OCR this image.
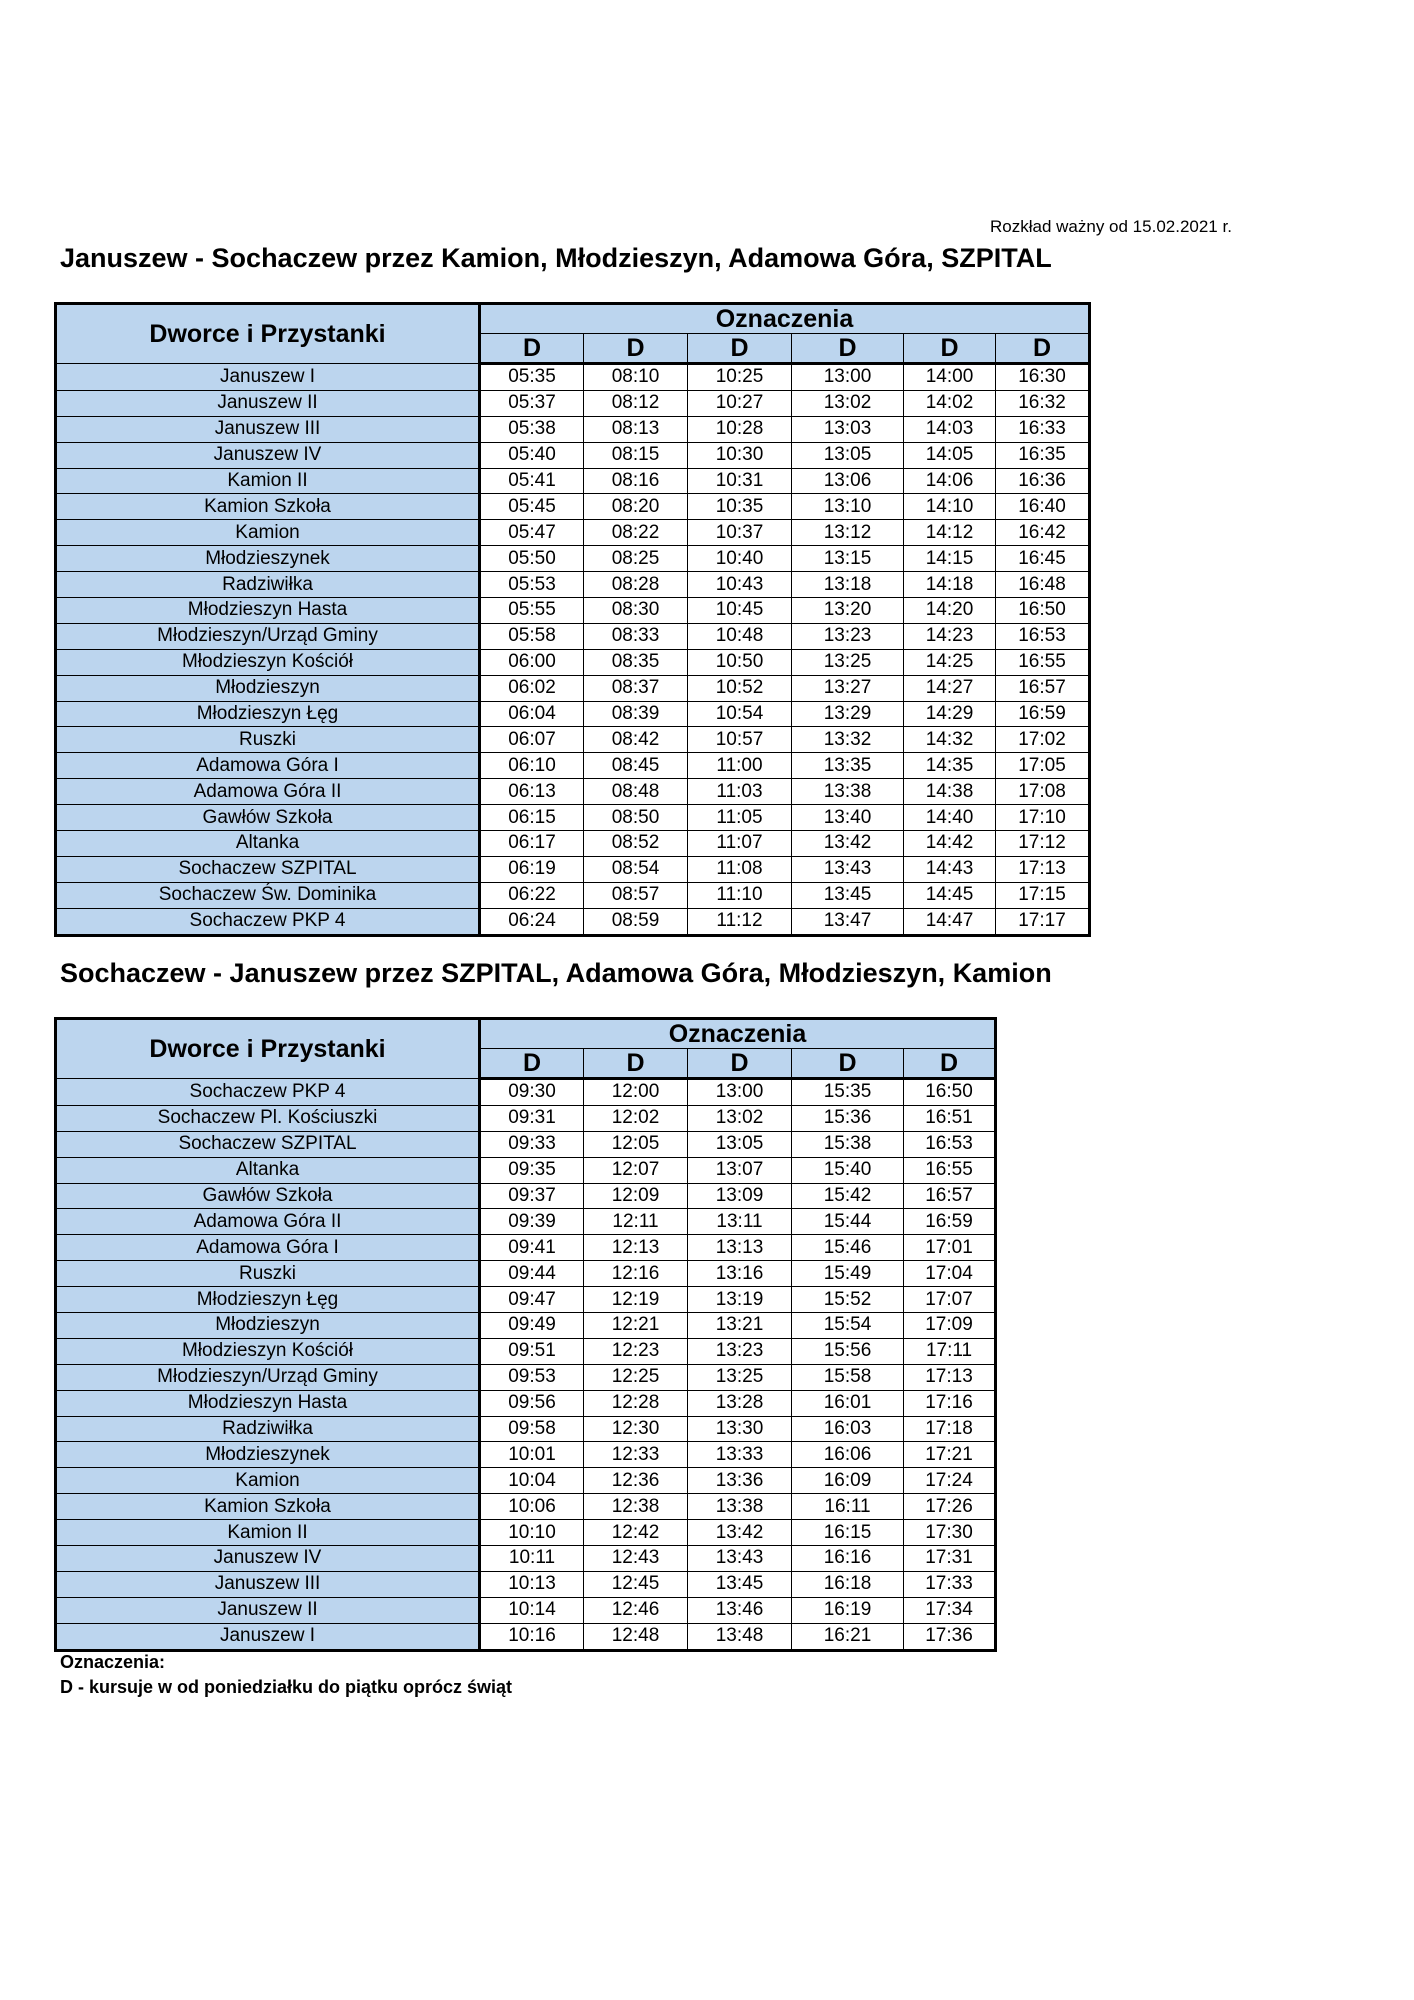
Rozkład ważny od 15.02.2021 r.
Januszew - Sochaczew przez Kamion, Młodzieszyn, Adamowa Góra, SZPITAL
Dworce i Przystanki	Oznaczenia					
	D	D	D	D	D	D
Januszew I	05:35	08:10	10:25	13:00	14:00	16:30
Januszew II	05:37	08:12	10:27	13:02	14:02	16:32
Januszew III	05:38	08:13	10:28	13:03	14:03	16:33
Januszew IV	05:40	08:15	10:30	13:05	14:05	16:35
Kamion II	05:41	08:16	10:31	13:06	14:06	16:36
Kamion Szkoła	05:45	08:20	10:35	13:10	14:10	16:40
Kamion	05:47	08:22	10:37	13:12	14:12	16:42
Młodzieszynek	05:50	08:25	10:40	13:15	14:15	16:45
Radziwiłka	05:53	08:28	10:43	13:18	14:18	16:48
Młodzieszyn Hasta	05:55	08:30	10:45	13:20	14:20	16:50
Młodzieszyn/Urząd Gminy	05:58	08:33	10:48	13:23	14:23	16:53
Młodzieszyn Kościół	06:00	08:35	10:50	13:25	14:25	16:55
Młodzieszyn	06:02	08:37	10:52	13:27	14:27	16:57
Młodzieszyn Łęg	06:04	08:39	10:54	13:29	14:29	16:59
Ruszki	06:07	08:42	10:57	13:32	14:32	17:02
Adamowa Góra I	06:10	08:45	11:00	13:35	14:35	17:05
Adamowa Góra II	06:13	08:48	11:03	13:38	14:38	17:08
Gawłów Szkoła	06:15	08:50	11:05	13:40	14:40	17:10
Altanka	06:17	08:52	11:07	13:42	14:42	17:12
Sochaczew SZPITAL	06:19	08:54	11:08	13:43	14:43	17:13
Sochaczew Św. Dominika	06:22	08:57	11:10	13:45	14:45	17:15
Sochaczew PKP 4	06:24	08:59	11:12	13:47	14:47	17:17
Sochaczew - Januszew przez SZPITAL, Adamowa Góra, Młodzieszyn, Kamion
Dworce i Przystanki	Oznaczenia				
	D	D	D	D	D
Sochaczew PKP 4	09:30	12:00	13:00	15:35	16:50
Sochaczew Pl. Kościuszki	09:31	12:02	13:02	15:36	16:51
Sochaczew SZPITAL	09:33	12:05	13:05	15:38	16:53
Altanka	09:35	12:07	13:07	15:40	16:55
Gawłów Szkoła	09:37	12:09	13:09	15:42	16:57
Adamowa Góra II	09:39	12:11	13:11	15:44	16:59
Adamowa Góra I	09:41	12:13	13:13	15:46	17:01
Ruszki	09:44	12:16	13:16	15:49	17:04
Młodzieszyn Łęg	09:47	12:19	13:19	15:52	17:07
Młodzieszyn	09:49	12:21	13:21	15:54	17:09
Młodzieszyn Kościół	09:51	12:23	13:23	15:56	17:11
Młodzieszyn/Urząd Gminy	09:53	12:25	13:25	15:58	17:13
Młodzieszyn Hasta	09:56	12:28	13:28	16:01	17:16
Radziwiłka	09:58	12:30	13:30	16:03	17:18
Młodzieszynek	10:01	12:33	13:33	16:06	17:21
Kamion	10:04	12:36	13:36	16:09	17:24
Kamion Szkoła	10:06	12:38	13:38	16:11	17:26
Kamion II	10:10	12:42	13:42	16:15	17:30
Januszew IV	10:11	12:43	13:43	16:16	17:31
Januszew III	10:13	12:45	13:45	16:18	17:33
Januszew II	10:14	12:46	13:46	16:19	17:34
Januszew I	10:16	12:48	13:48	16:21	17:36
Oznaczenia:
D - kursuje w od poniedziałku do piątku oprócz świąt
